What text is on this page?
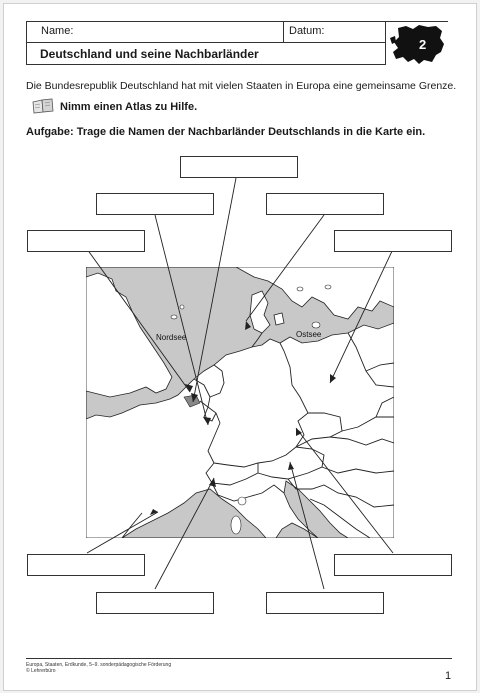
Name:	Datum:
Deutschland und seine Nachbarländer
2
Die Bundesrepublik Deutschland hat mit vielen Staaten in Europa eine gemeinsame Grenze.
Nimm einen Atlas zu Hilfe.
Aufgabe: Trage die Namen der Nachbarländer Deutschlands in die Karte ein.
Nordsee	Ostsee
Europa, Staaten, Erdkunde, 5–9. sonderpädagogische Förderung
© Lehrerbüro	1
